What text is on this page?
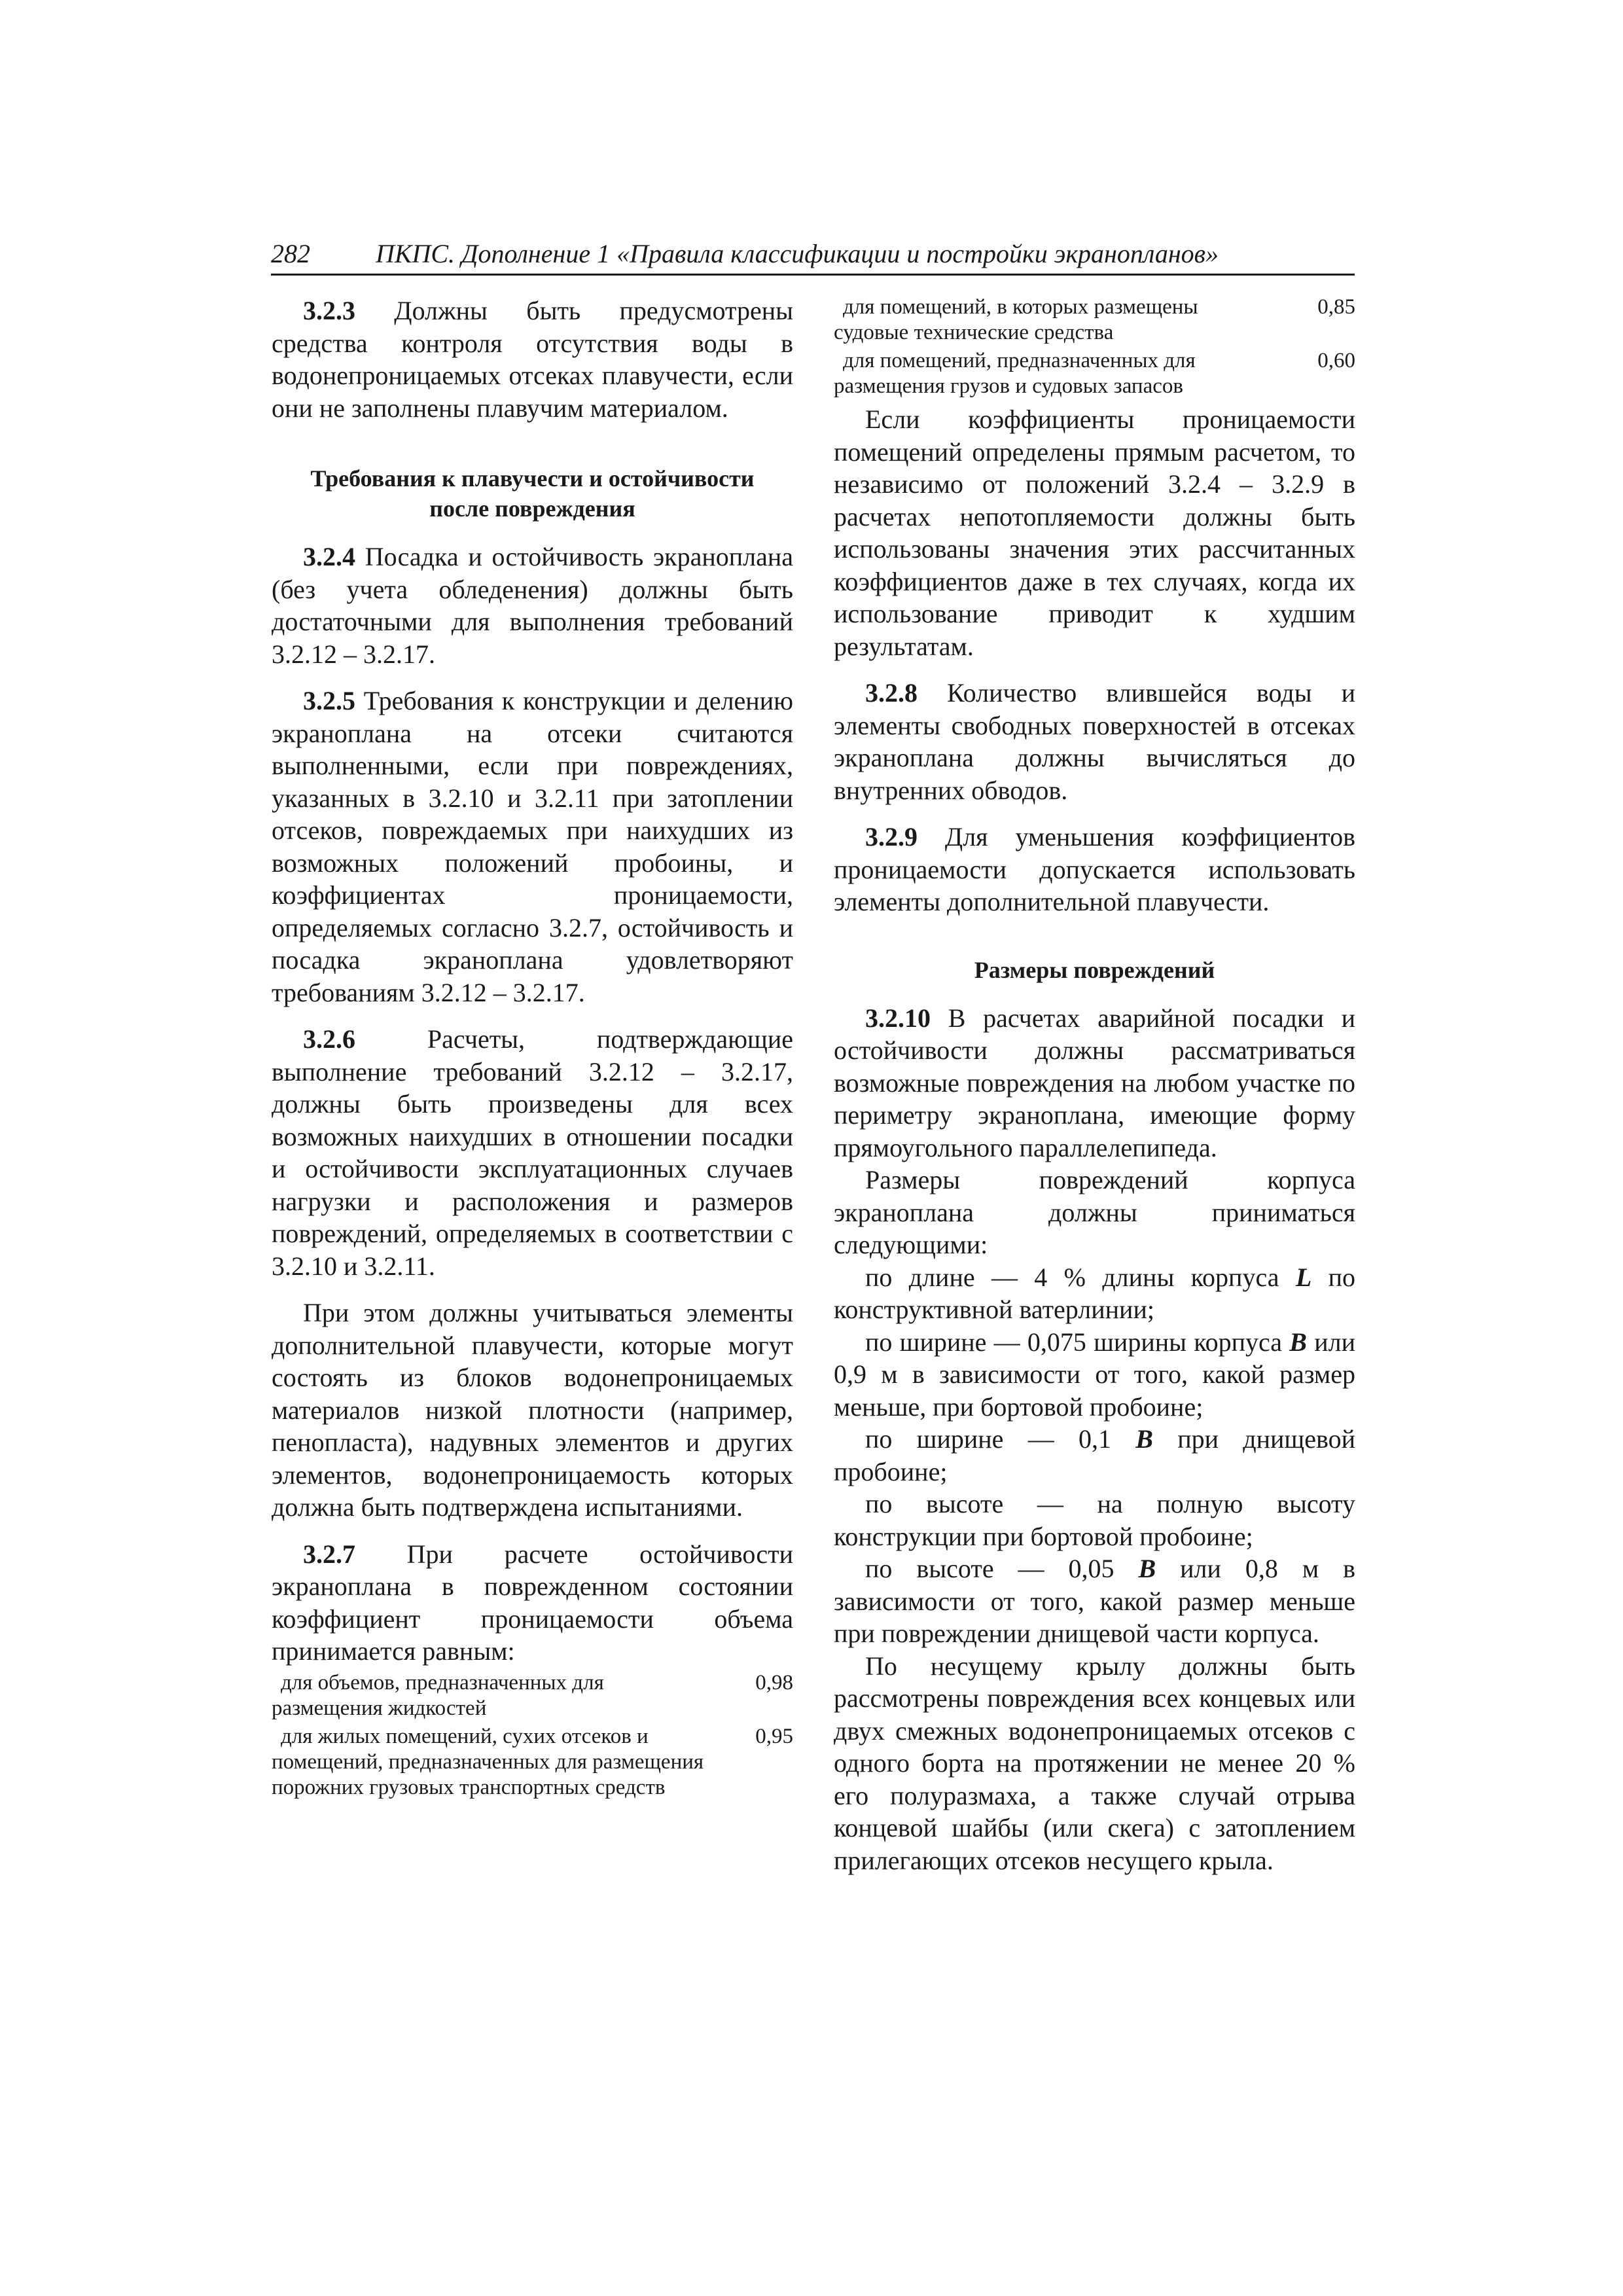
282	ПКПС. Дополнение 1 «Правила классификации и постройки экранопланов»

3.2.3 Должны быть предусмотрены средства контроля отсутствия воды в водонепроницаемых отсеках плавучести, если они не заполнены плавучим материалом.

Требования к плавучести и остойчивости
после повреждения

3.2.4 Посадка и остойчивость экраноплана (без учета обледенения) должны быть достаточными для выполнения требований 3.2.12 – 3.2.17.

3.2.5 Требования к конструкции и делению экраноплана на отсеки считаются выполненными, если при повреждениях, указанных в 3.2.10 и 3.2.11 при затоплении отсеков, повреждаемых при наихудших из возможных положений пробоины, и коэффициентах проницаемости, определяемых согласно 3.2.7, остойчивость и посадка экраноплана удовлетворяют требованиям 3.2.12 – 3.2.17.

3.2.6	Расчеты, подтверждающие выполнение требований 3.2.12 – 3.2.17, должны быть произведены для всех возможных наихудших в отношении посадки и остойчивости эксплуатационных случаев нагрузки и расположения и размеров повреждений, определяемых в соответствии с 3.2.10 и 3.2.11.

При этом должны учитываться элементы дополнительной плавучести, которые могут состоять из блоков водонепроницаемых материалов низкой плотности (например, пенопласта), надувных элементов и других элементов, водонепроницаемость которых должна быть подтверждена испытаниями.

3.2.7 При расчете остойчивости экраноплана в поврежденном состоянии коэффициент проницаемости объема принимается равным:

для объемов, предназначенных для размещения жидкостей
0,98
для жилых помещений, сухих отсеков и помещений, предназначенных для размещения порожних грузовых транспортных средств
0,95
для помещений, в которых размещены судовые технические средства
0,85
для помещений, предназначенных для размещения грузов и судовых запасов
0,60

Если коэффициенты проницаемости помещений определены прямым расчетом, то независимо от положений 3.2.4 – 3.2.9 в расчетах непотопляемости должны быть использованы значения этих рассчитанных коэффициентов даже в тех случаях, когда их использование приводит к худшим результатам.

3.2.8 Количество влившейся воды и элементы свободных поверхностей в отсеках экраноплана должны вычисляться до внутренних обводов.

3.2.9 Для уменьшения коэффициентов проницаемости допускается использовать элементы дополнительной плавучести.

Размеры повреждений

3.2.10 В расчетах аварийной посадки и остойчивости должны рассматриваться возможные повреждения на любом участке по периметру экраноплана, имеющие форму прямоугольного параллелепипеда.

Размеры повреждений корпуса экраноплана должны приниматься следующими:

по длине — 4 % длины корпуса L по конструктивной ватерлинии;

по ширине — 0,075 ширины корпуса B или 0,9 м в зависимости от того, какой размер меньше, при бортовой пробоине;

по ширине — 0,1 B при днищевой пробоине;

по высоте — на полную высоту конструкции при бортовой пробоине;

по высоте — 0,05 B или 0,8 м в зависимости от того, какой размер меньше при повреждении днищевой части корпуса.

По несущему крылу должны быть рассмотрены повреждения всех концевых или двух смежных водонепроницаемых отсеков с одного борта на протяжении не менее 20 % его полуразмаха, а также случай отрыва концевой шайбы (или скега) с затоплением прилегающих отсеков несущего крыла.
